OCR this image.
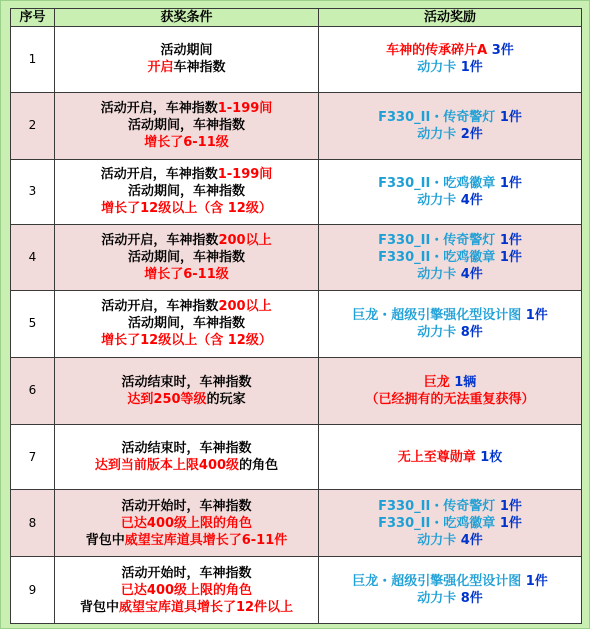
序号	获奖条件	活动奖励
1	活动期间
开启车神指数	车神的传承碎片A 3件
动力卡 1件

2	活动开启，车神指数1-199间
活动期间，车神指数
增长了6-11级	F330_II・传奇警灯 1件
动力卡 2件

3	活动开启，车神指数1-199间
活动期间，车神指数
增长了12级以上（含 12级）	F330_II・吃鸡徽章 1件
动力卡 4件

4	活动开启，车神指数200以上
活动期间，车神指数
增长了6-11级	F330_II・传奇警灯 1件
F330_II・吃鸡徽章 1件
动力卡 4件

5	活动开启，车神指数200以上
活动期间，车神指数
增长了12级以上（含 12级）	巨龙・超级引擎强化型设计图 1件
动力卡 8件

6	活动结束时，车神指数
达到250等级的玩家	巨龙 1辆
（已经拥有的无法重复获得）

7	活动结束时，车神指数
达到当前版本上限400级的角色	无上至尊勋章 1枚

8	活动开始时，车神指数
已达400级上限的角色
背包中威望宝库道具增长了6-11件	F330_II・传奇警灯 1件
F330_II・吃鸡徽章 1件
动力卡 4件

9	活动开始时，车神指数
已达400级上限的角色
背包中威望宝库道具增长了12件以上	巨龙・超级引擎强化型设计图 1件
动力卡 8件
